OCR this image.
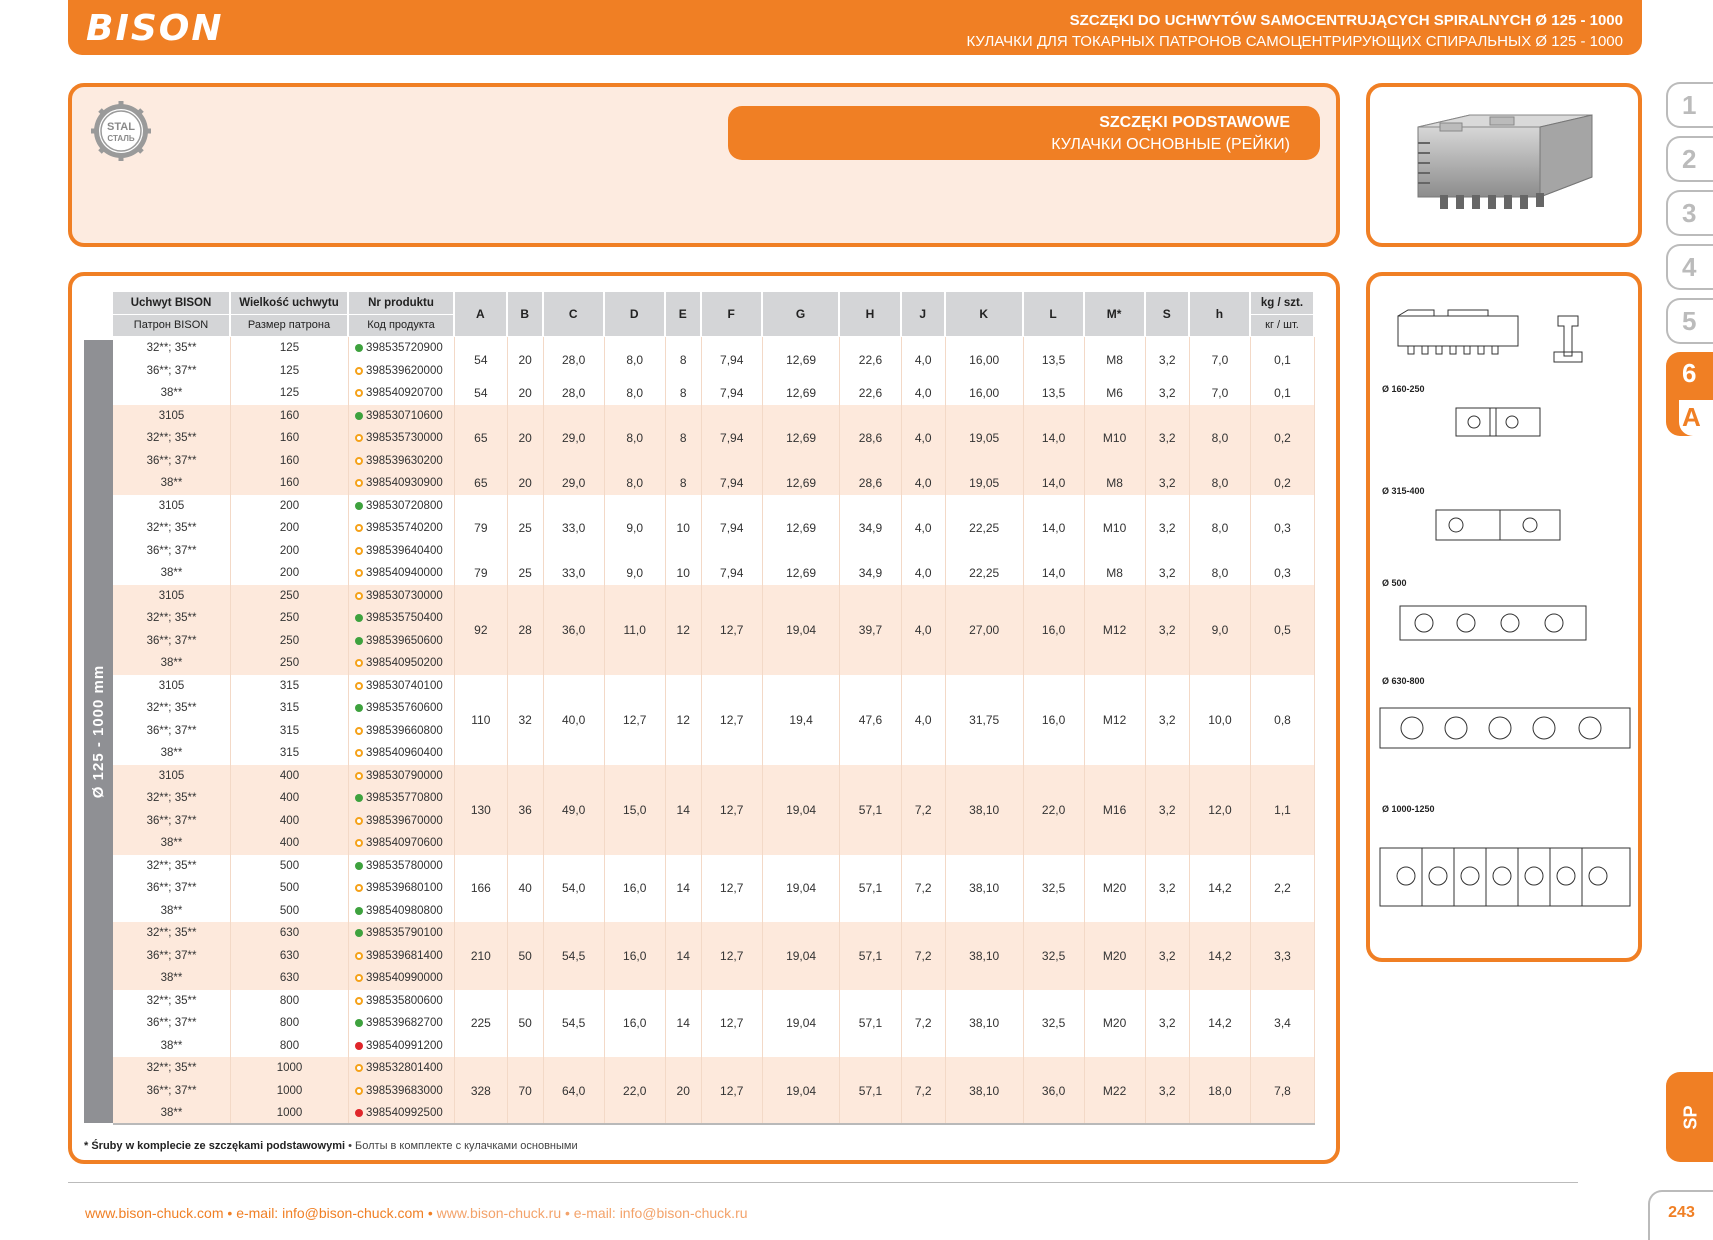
BISON	SZCZĘKI DO UCHWYTÓW SAMOCENTRUJĄCYCH SPIRALNYCH Ø 125 - 1000
КУЛАЧКИ ДЛЯ ТОКАРНЫХ ПАТРОНОВ САМОЦЕНТРИРУЮЩИХ СПИРАЛЬНЫХ Ø 125 - 1000
STAL
СТАЛЬ
SZCZĘKI PODSTAWOWE
КУЛАЧКИ ОСНОВНЫЕ (РЕЙКИ)
Ø 125 - 1000 mm
Uchwyt BISON	Wielkość uchwytu	Nr produktu	A	B	C	D	E	F	G	H	J	K	L	M*	S	h	kg / szt.
Патрон BISON	Размер патрона	Код продукта															кг / шт.
32**; 35**	125	398535720900	54	20	28,0	8,0	8	7,94	12,69	22,6	4,0	16,00	13,5	M8	3,2	7,0	0,1
36**; 37**	125	398539620000															
38**	125	398540920700	54	20	28,0	8,0	8	7,94	12,69	22,6	4,0	16,00	13,5	M6	3,2	7,0	0,1
3105	160	398530710600	65	20	29,0	8,0	8	7,94	12,69	28,6	4,0	19,05	14,0	M10	3,2	8,0	0,2
32**; 35**	160	398535730000															
36**; 37**	160	398539630200															
38**	160	398540930900	65	20	29,0	8,0	8	7,94	12,69	28,6	4,0	19,05	14,0	M8	3,2	8,0	0,2
3105	200	398530720800	79	25	33,0	9,0	10	7,94	12,69	34,9	4,0	22,25	14,0	M10	3,2	8,0	0,3
32**; 35**	200	398535740200															
36**; 37**	200	398539640400															
38**	200	398540940000	79	25	33,0	9,0	10	7,94	12,69	34,9	4,0	22,25	14,0	M8	3,2	8,0	0,3
3105	250	398530730000	92	28	36,0	11,0	12	12,7	19,04	39,7	4,0	27,00	16,0	M12	3,2	9,0	0,5
32**; 35**	250	398535750400															
36**; 37**	250	398539650600															
38**	250	398540950200															
3105	315	398530740100	110	32	40,0	12,7	12	12,7	19,4	47,6	4,0	31,75	16,0	M12	3,2	10,0	0,8
32**; 35**	315	398535760600															
36**; 37**	315	398539660800															
38**	315	398540960400															
3105	400	398530790000	130	36	49,0	15,0	14	12,7	19,04	57,1	7,2	38,10	22,0	M16	3,2	12,0	1,1
32**; 35**	400	398535770800															
36**; 37**	400	398539670000															
38**	400	398540970600															
32**; 35**	500	398535780000	166	40	54,0	16,0	14	12,7	19,04	57,1	7,2	38,10	32,5	M20	3,2	14,2	2,2
36**; 37**	500	398539680100															
38**	500	398540980800															
32**; 35**	630	398535790100	210	50	54,5	16,0	14	12,7	19,04	57,1	7,2	38,10	32,5	M20	3,2	14,2	3,3
36**; 37**	630	398539681400															
38**	630	398540990000															
32**; 35**	800	398535800600	225	50	54,5	16,0	14	12,7	19,04	57,1	7,2	38,10	32,5	M20	3,2	14,2	3,4
36**; 37**	800	398539682700															
38**	800	398540991200															
32**; 35**	1000	398532801400	328	70	64,0	22,0	20	12,7	19,04	57,1	7,2	38,10	36,0	M22	3,2	18,0	7,8
36**; 37**	1000	398539683000															
38**	1000	398540992500															
* Śruby w komplecie ze szczękami podstawowymi • Болты в комплекте с кулачками основными
Ø 160-250
Ø 315-400
Ø 500
Ø 630-800
Ø 1000-1250
1
2
3
4
5
6
A
SP
www.bison-chuck.com • e-mail: info@bison-chuck.com • www.bison-chuck.ru • e-mail: info@bison-chuck.ru	243
